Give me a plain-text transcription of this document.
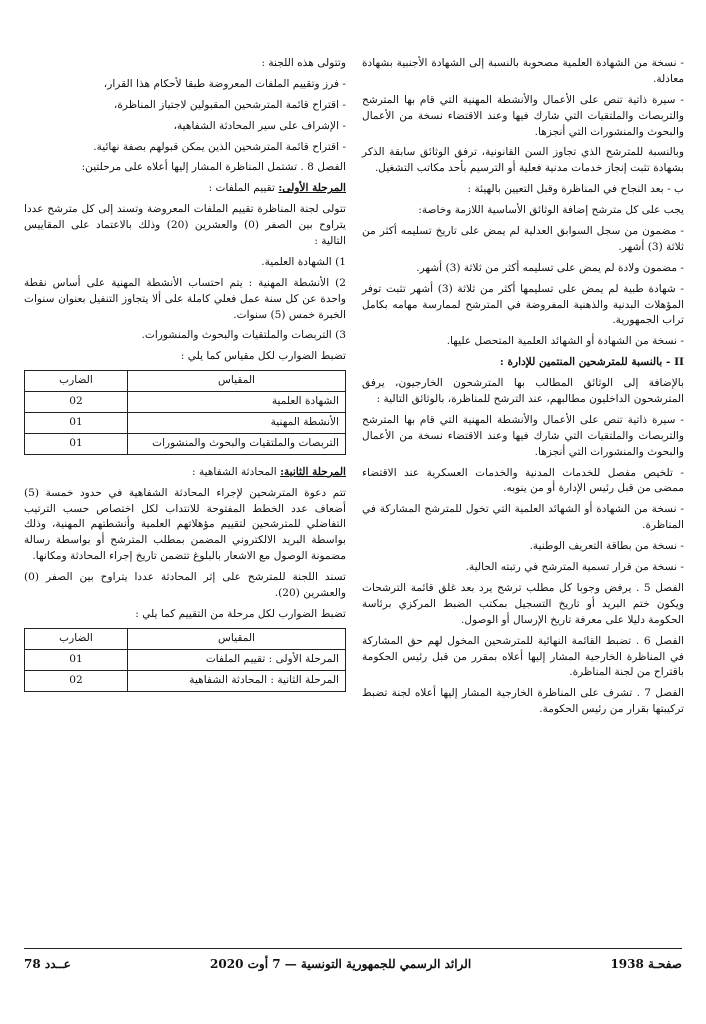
- نسخة من الشهادة العلمية مصحوبة بالنسبة إلى الشهادة الأجنبية بشهادة معادلة.

- سيرة ذاتية تنص على الأعمال والأنشطة المهنية التي قام بها المترشح والتربصات والملتقيات التي شارك فيها وعند الاقتضاء نسخة من الأعمال والبحوث والمنشورات التي أنجزها.

وبالنسبة للمترشح الذي تجاوز السن القانونية، ترفق الوثائق سابقة الذكر بشهادة تثبت إنجاز خدمات مدنية فعلية أو الترسيم بأحد مكاتب التشغيل.

ب - بعد النجاح في المناظرة وقبل التعيين بالهيئة :

يجب على كل مترشح إضافة الوثائق الأساسية اللازمة وخاصة:

- مضمون من سجل السوابق العدلية لم يمض على تاريخ تسليمه أكثر من ثلاثة (3) أشهر.

- مضمون ولادة لم يمض على تسليمه أكثر من ثلاثة (3) أشهر.

- شهادة طبية لم يمض على تسليمها أكثر من ثلاثة (3) أشهر تثبت توفر المؤهلات البدنية والذهنية المفروضة في المترشح لممارسة مهامه بكامل تراب الجمهورية.

- نسخة من الشهادة أو الشهائد العلمية المتحصل عليها.

II - بالنسبة للمترشحين المنتمين للإدارة :

بالإضافة إلى الوثائق المطالب بها المترشحون الخارجيون، يرفق المترشحون الداخليون مطالبهم، عند الترشح للمناظرة، بالوثائق التالية :

- سيرة ذاتية تنص على الأعمال والأنشطة المهنية التي قام بها المترشح والتربصات والملتقيات التي شارك فيها وعند الاقتضاء نسخة من الأعمال والبحوث والمنشورات التي أنجزها.

- تلخيص مفصل للخدمات المدنية والخدمات العسكرية عند الاقتضاء ممضى من قبل رئيس الإدارة أو من ينوبه.

- نسخة من الشهادة أو الشهائد العلمية التي تخول للمترشح المشاركة في المناظرة.

- نسخة من بطاقة التعريف الوطنية.

- نسخة من قرار تسمية المترشح في رتبته الحالية.

الفصل 5 . يرفض وجوبا كل مطلب ترشح يرد بعد غلق قائمة الترشحات ويكون ختم البريد أو تاريخ التسجيل بمكتب الضبط المركزي برئاسة الحكومة دليلا على معرفة تاريخ الإرسال أو الوصول.

الفصل 6 . تضبط القائمة النهائية للمترشحين المخول لهم حق المشاركة في المناظرة الخارجية المشار إليها أعلاه بمقرر من قبل رئيس الحكومة باقتراح من لجنة المناظرة.

الفصل 7 . تشرف على المناظرة الخارجية المشار إليها أعلاه لجنة تضبط تركيبتها بقرار من رئيس الحكومة.

وتتولى هذه اللجنة :

- فرز وتقييم الملفات المعروضة طبقا لأحكام هذا القرار،

- اقتراح قائمة المترشحين المقبولين لاجتياز المناظرة،

- الإشراف على سير المحادثة الشفاهية،

- اقتراح قائمة المترشحين الذين يمكن قبولهم بصفة نهائية.

الفصل 8 . تشتمل المناظرة المشار إليها أعلاه على مرحلتين:

المرحلة الأولى: تقييم الملفات :

تتولى لجنة المناظرة تقييم الملفات المعروضة وتسند إلى كل مترشح عددا يتراوح بين الصفر (0) والعشرين (20) وذلك بالاعتماد على المقاييس التالية :

1) الشهادة العلمية.

2) الأنشطة المهنية : يتم احتساب الأنشطة المهنية على أساس نقطة واحدة عن كل سنة عمل فعلي كاملة على ألا يتجاوز التنفيل بعنوان سنوات الخبرة خمس (5) سنوات.

3) التربصات والملتقيات والبحوث والمنشورات.

تضبط الضوارب لكل مقياس كما يلي :

المقياس	الضارب
الشهادة العلمية	02
الأنشطة المهنية	01
التربصات والملتقيات والبحوث والمنشورات	01

المرحلة الثانية: المحادثة الشفاهية :

تتم دعوة المترشحين لإجراء المحادثة الشفاهية في حدود خمسة (5) أضعاف عدد الخطط المفتوحة للانتداب لكل اختصاص حسب الترتيب التفاضلي للمترشحين لتقييم مؤهلاتهم العلمية وأنشطتهم المهنية، وذلك بواسطة البريد الالكتروني المضمن بمطلب المترشح أو بواسطة رسالة مضمونة الوصول مع الاشعار بالبلوغ تتضمن تاريخ إجراء المحادثة ومكانها.

تسند اللجنة للمترشح على إثر المحادثة عددا يتراوح بين الصفر (0) والعشرين (20).

تضبط الضوارب لكل مرحلة من التقييم كما يلي :

المقياس	الضارب
المرحلة الأولى : تقييم الملفات	01
المرحلة الثانية : المحادثة الشفاهية	02
صفحـة 1938
الرائد الرسمي للجمهورية التونسية — 7 أوت 2020
عــدد 78
